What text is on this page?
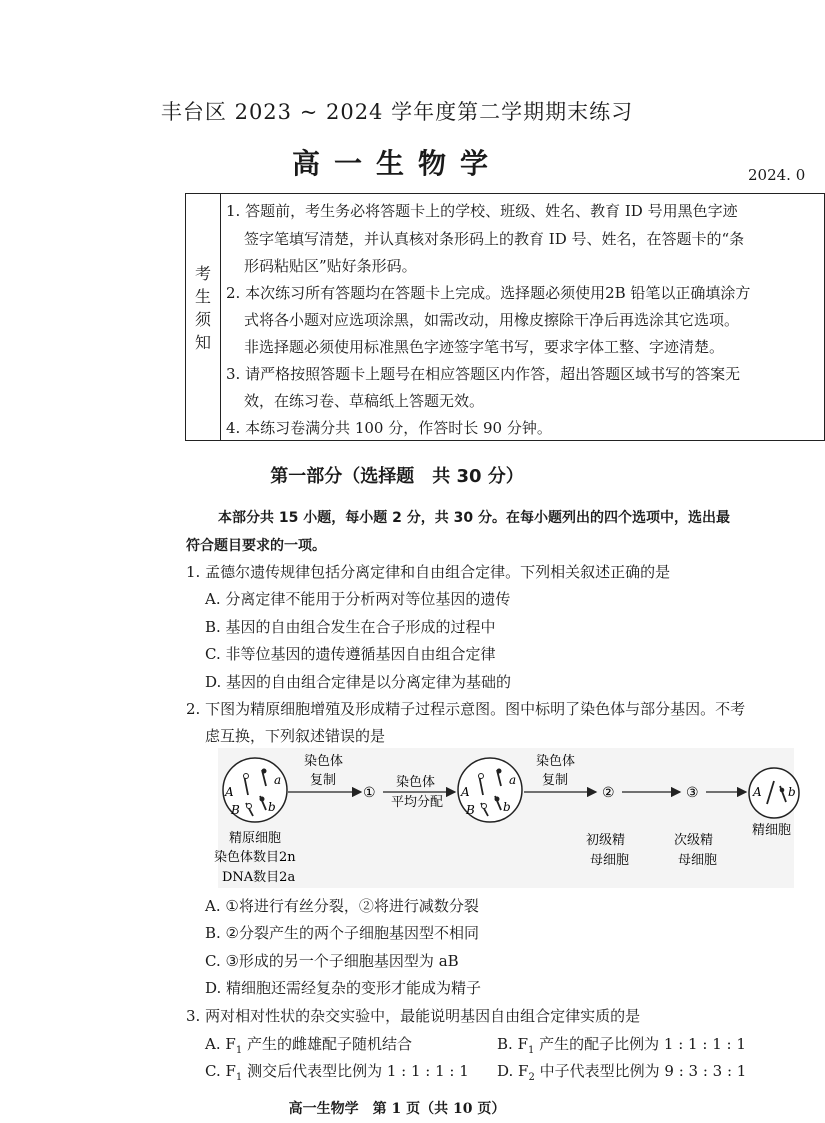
丰台区 2023 ~ 2024 学年度第二学期期末练习
高一生物学	2024. 0
考
生
须
知
1. 答题前，考生务必将答题卡上的学校、班级、姓名、教育 ID 号用黑色字迹
签字笔填写清楚，并认真核对条形码上的教育 ID 号、姓名，在答题卡的“条
形码粘贴区”贴好条形码。
2. 本次练习所有答题均在答题卡上完成。选择题必须使用2B 铅笔以正确填涂方
式将各小题对应选项涂黑，如需改动，用橡皮擦除干净后再选涂其它选项。
非选择题必须使用标准黑色字迹签字笔书写，要求字体工整、字迹清楚。
3. 请严格按照答题卡上题号在相应答题区内作答，超出答题区域书写的答案无
效，在练习卷、草稿纸上答题无效。
4. 本练习卷满分共 100 分，作答时长 90 分钟。
第一部分（选择题　共 30 分）
本部分共 15 小题，每小题 2 分，共 30 分。在每小题列出的四个选项中，选出最
符合题目要求的一项。
1. 孟德尔遗传规律包括分离定律和自由组合定律。下列相关叙述正确的是
A. 分离定律不能用于分析两对等位基因的遗传
B. 基因的自由组合发生在合子形成的过程中
C. 非等位基因的遗传遵循基因自由组合定律
D. 基因的自由组合定律是以分离定律为基础的
2. 下图为精原细胞增殖及形成精子过程示意图。图中标明了染色体与部分基因。不考
虑互换，下列叙述错误的是
A
a
B b
精原细胞
染色体数目2n
DNA数目2a
染色体
复制
①
染色体
平均分配
A
a
B b
染色体
复制
②
初级精
母细胞
③
次级精
母细胞
A b
精细胞
A. ①将进行有丝分裂，②将进行减数分裂
B. ②分裂产生的两个子细胞基因型不相同
C. ③形成的另一个子细胞基因型为 aB
D. 精细胞还需经复杂的变形才能成为精子
3. 两对相对性状的杂交实验中，最能说明基因自由组合定律实质的是
A. $F_1$ 产生的雌雄配子随机结合	B. $F_1$ 产生的配子比例为 1 : 1 : 1 : 1
C. $F_1$ 测交后代表型比例为 1 : 1 : 1 : 1 D. $F_2$ 中子代表型比例为 9 : 3 : 3 : 1
高一生物学　第 1 页（共 10 页）
